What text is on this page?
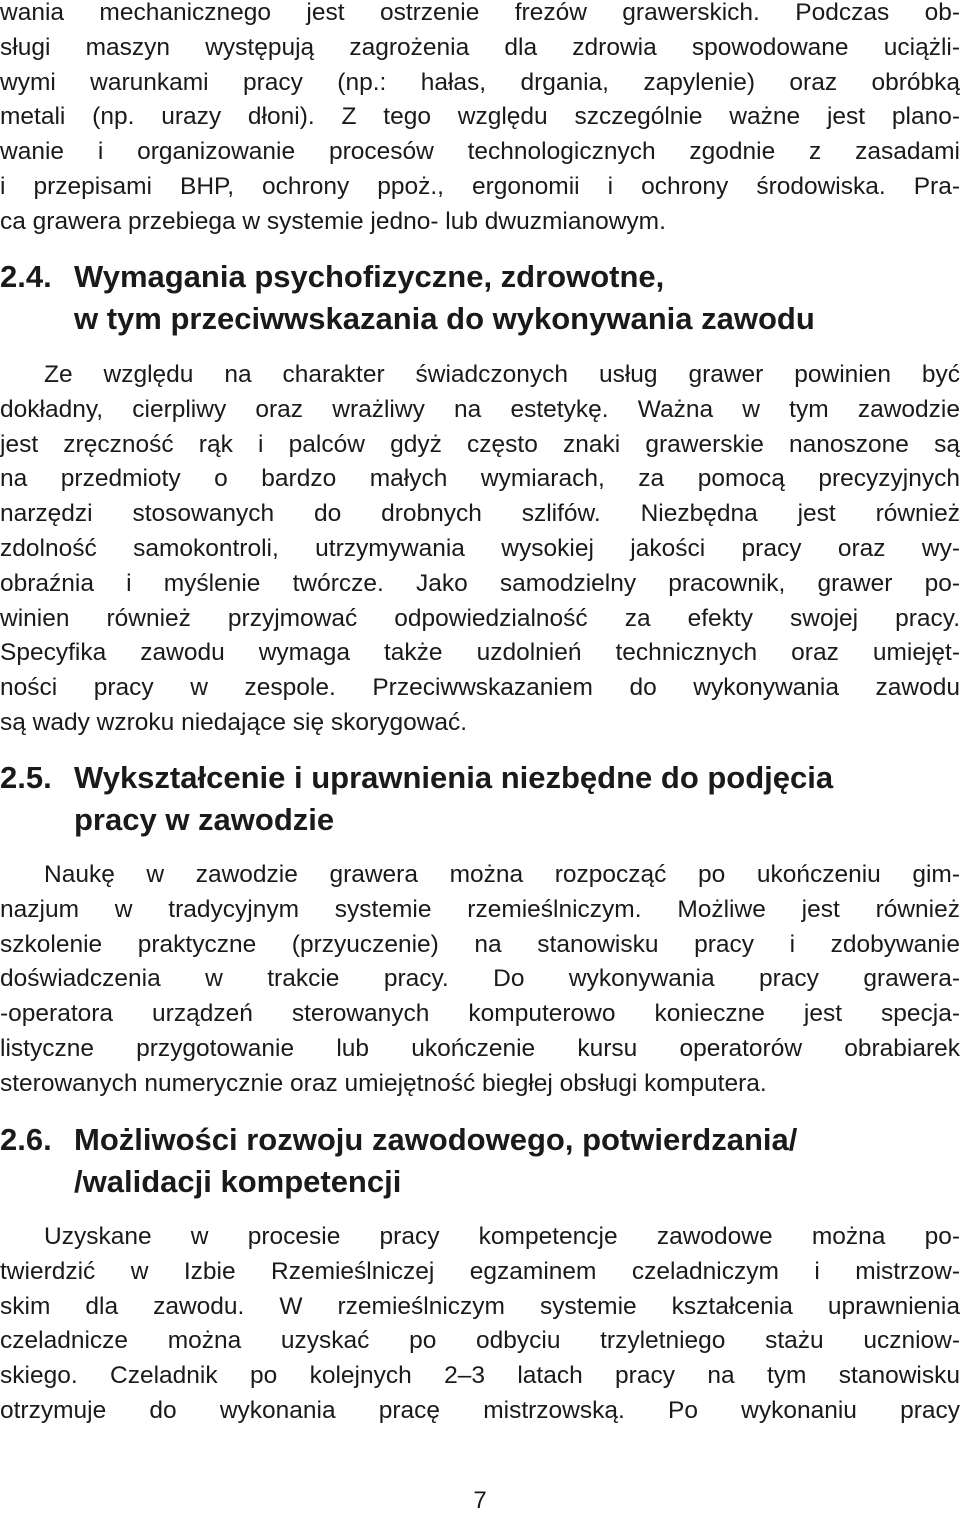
wania mechanicznego jest ostrzenie frezów grawerskich. Podczas ob-
sługi maszyn występują zagrożenia dla zdrowia spowodowane uciążli-
wymi warunkami pracy (np.: hałas, drgania, zapylenie) oraz obróbką
metali (np. urazy dłoni). Z tego względu szczególnie ważne jest plano-
wanie i organizowanie procesów technologicznych zgodnie z zasadami
i przepisami BHP, ochrony ppoż., ergonomii i ochrony środowiska. Pra-
ca grawera przebiega w systemie jedno- lub dwuzmianowym.
2.4. Wymagania psychofizyczne, zdrowotne,
w tym przeciwwskazania do wykonywania zawodu
Ze względu na charakter świadczonych usług grawer powinien być
dokładny, cierpliwy oraz wrażliwy na estetykę. Ważna w tym zawodzie
jest zręczność rąk i palców gdyż często znaki grawerskie nanoszone są
na przedmioty o bardzo małych wymiarach, za pomocą precyzyjnych
narzędzi stosowanych do drobnych szlifów. Niezbędna jest również
zdolność samokontroli, utrzymywania wysokiej jakości pracy oraz wy-
obraźnia i myślenie twórcze. Jako samodzielny pracownik, grawer po-
winien również przyjmować odpowiedzialność za efekty swojej pracy.
Specyfika zawodu wymaga także uzdolnień technicznych oraz umiejęt-
ności pracy w zespole. Przeciwwskazaniem do wykonywania zawodu
są wady wzroku niedające się skorygować.
2.5. Wykształcenie i uprawnienia niezbędne do podjęcia
pracy w zawodzie
Naukę w zawodzie grawera można rozpocząć po ukończeniu gim-
nazjum w tradycyjnym systemie rzemieślniczym. Możliwe jest również
szkolenie praktyczne (przyuczenie) na stanowisku pracy i zdobywanie
doświadczenia w trakcie pracy. Do wykonywania pracy grawera-
-operatora urządzeń sterowanych komputerowo konieczne jest specja-
listyczne przygotowanie lub ukończenie kursu operatorów obrabiarek
sterowanych numerycznie oraz umiejętność biegłej obsługi komputera.
2.6. Możliwości rozwoju zawodowego, potwierdzania/
/walidacji kompetencji
Uzyskane w procesie pracy kompetencje zawodowe można po-
twierdzić w Izbie Rzemieślniczej egzaminem czeladniczym i mistrzow-
skim dla zawodu. W rzemieślniczym systemie kształcenia uprawnienia
czeladnicze można uzyskać po odbyciu trzyletniego stażu uczniow-
skiego. Czeladnik po kolejnych 2–3 latach pracy na tym stanowisku
otrzymuje do wykonania pracę mistrzowską. Po wykonaniu pracy
7
